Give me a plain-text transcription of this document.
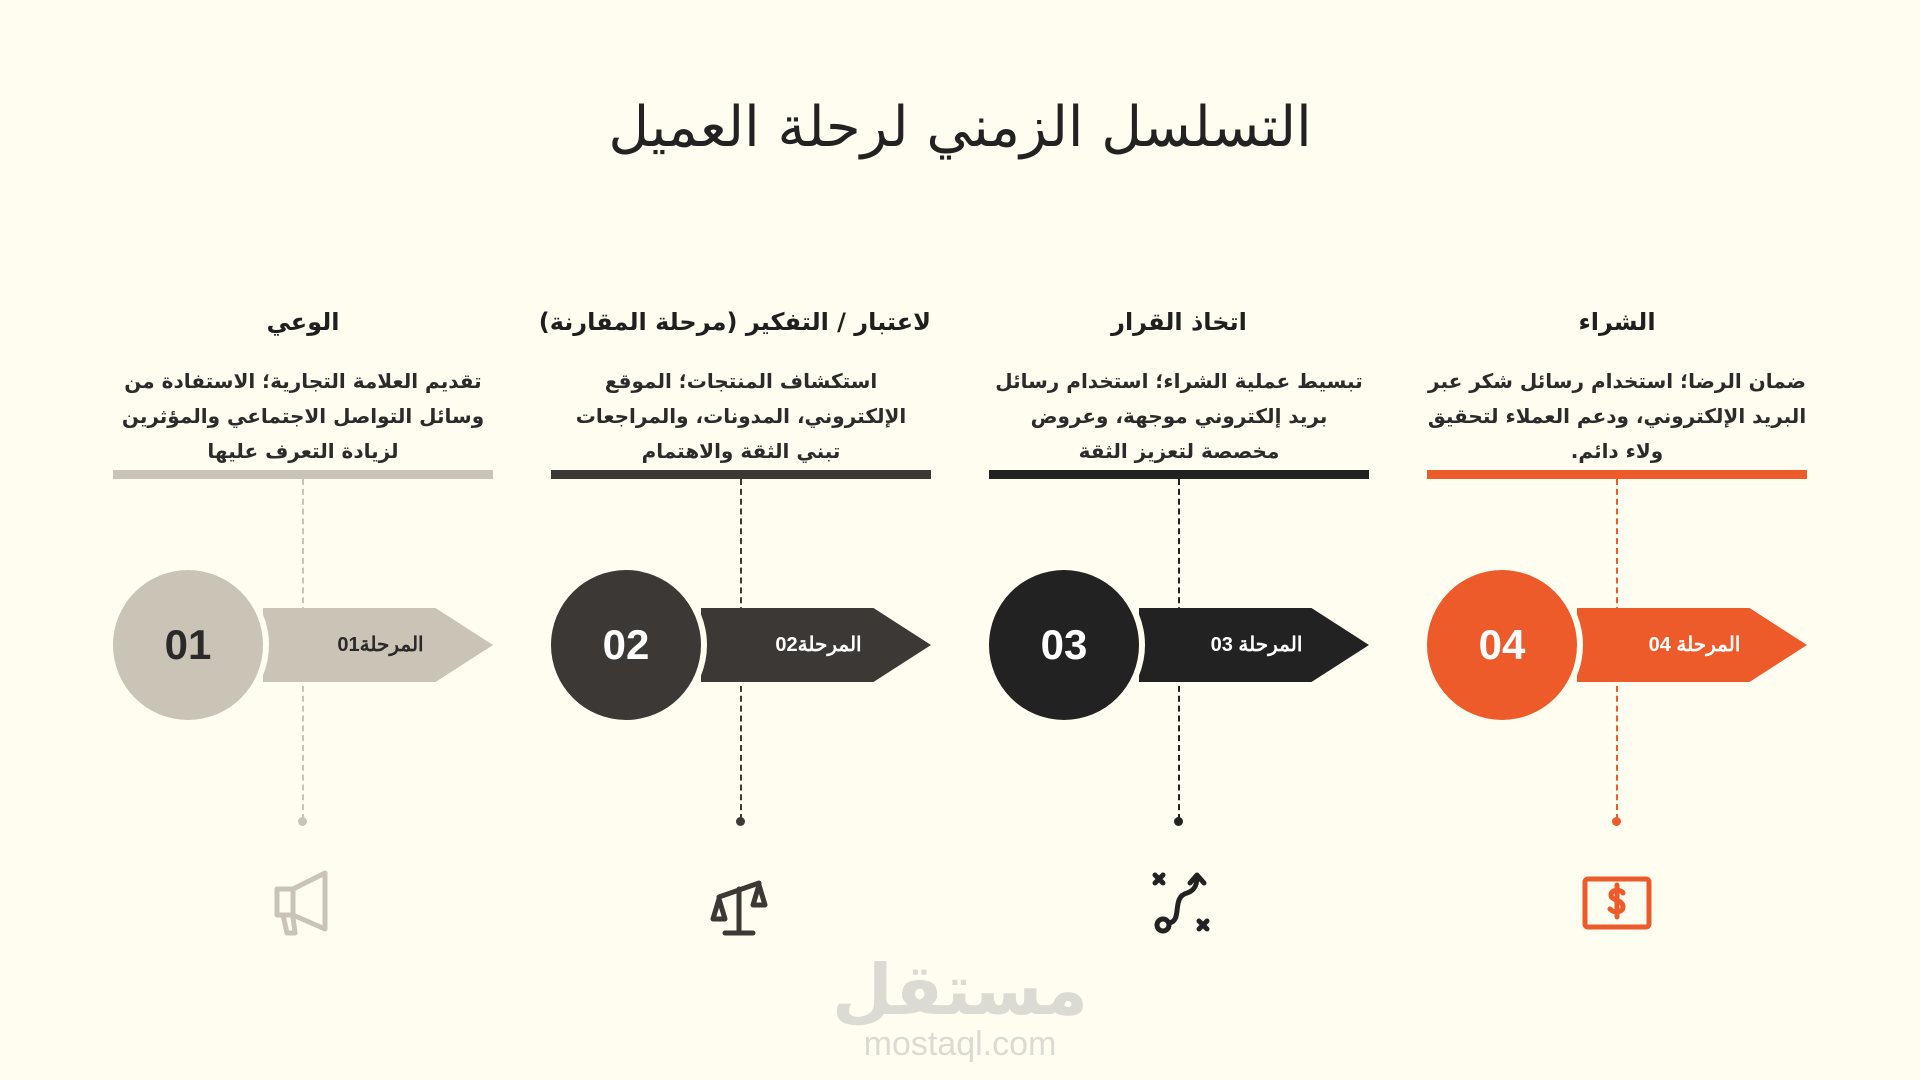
التسلسل الزمني لرحلة العميل
الوعي
تقديم العلامة التجارية؛ الاستفادة من وسائل التواصل الاجتماعي والمؤثرين لزيادة التعرف عليها
المرحلة01
01
لاعتبار / التفكير (مرحلة المقارنة)
استكشاف المنتجات؛ الموقع الإلكتروني، المدونات، والمراجعات تبني الثقة والاهتمام
المرحلة02
02
اتخاذ القرار
تبسيط عملية الشراء؛ استخدام رسائل بريد إلكتروني موجهة، وعروض مخصصة لتعزيز الثقة
المرحلة 03
03
الشراء
ضمان الرضا؛ استخدام رسائل شكر عبر البريد الإلكتروني، ودعم العملاء لتحقيق ولاء دائم.
المرحلة 04
04
مستقل
mostaql.com
